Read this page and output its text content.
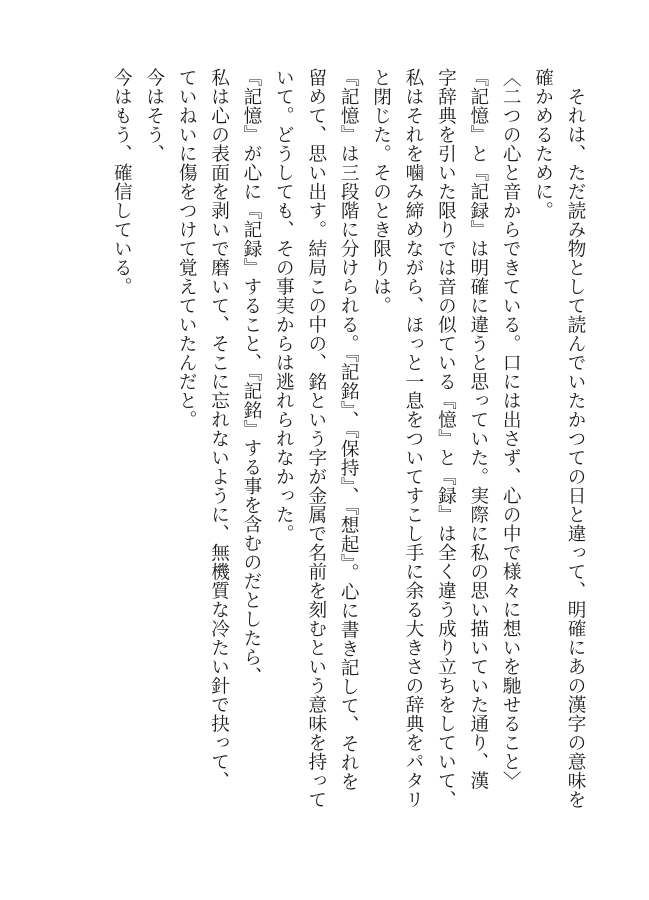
　それは、ただ読み物として読んでいたかつての日と違って、明確にあの漢字の意味を
確かめるために。
〈二つの心と音からできている。口には出さず、心の中で様々に想いを馳せること〉
『記憶』と『記録』は明確に違うと思っていた。実際に私の思い描いていた通り、漢
字辞典を引いた限りでは音の似ている『憶』と『録』は全く違う成り立ちをしていて、
私はそれを噛み締めながら、ほっと一息をついてすこし手に余る大きさの辞典をパタリ
と閉じた。そのとき限りは。
『記憶』は三段階に分けられる。『記銘』、『保持』、『想起』。心に書き記して、それを
留めて、思い出す。結局この中の、銘という字が金属で名前を刻むという意味を持って
いて。どうしても、その事実からは逃れられなかった。
『記憶』が心に『記録』すること、『記銘』する事を含むのだとしたら、
私は心の表面を剥いで磨いて、そこに忘れないように、無機質な冷たい針で抉って、
ていねいに傷をつけて覚えていたんだと。
今はそう、
今はもう、確信している。
